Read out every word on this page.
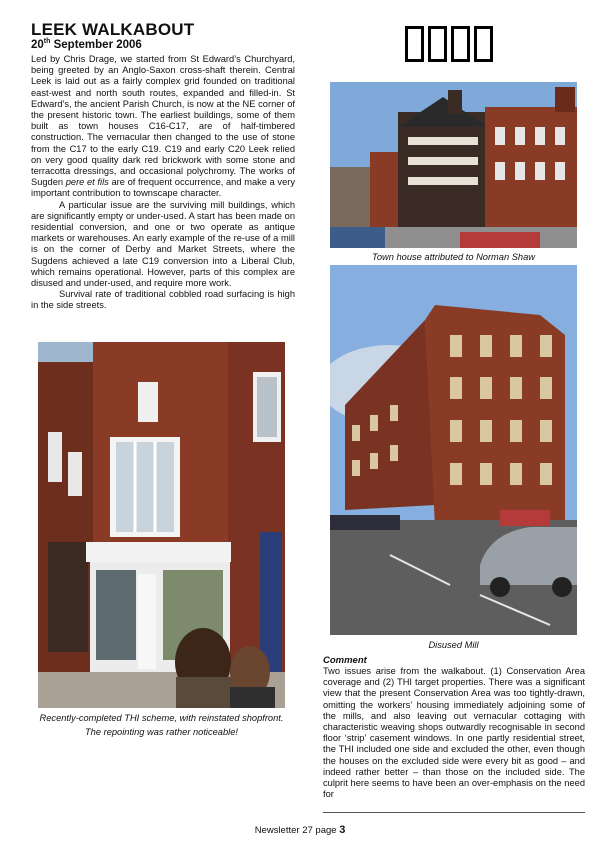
LEEK WALKABOUT
20th September 2006

Led by Chris Drage, we started from St Edward’s Churchyard, being greeted by an Anglo-Saxon cross-shaft therein. Central Leek is laid out as a fairly complex grid founded on traditional east-west and north south routes, expanded and filled-in. St Edward’s, the ancient Parish Church, is now at the NE corner of the present historic town. The earliest buildings, some of them built as town houses C16-C17, are of half-timbered construction. The vernacular then changed to the use of stone from the C17 to the early C19. C19 and early C20 Leek relied on very good quality dark red brickwork with some stone and terracotta dressings, and occasional polychromy. The works of Sugden pere et fils are of frequent occurrence, and make a very important contribution to townscape character.

A particular issue are the surviving mill buildings, which are significantly empty or under-used. A start has been made on residential conversion, and one or two operate as antique markets or warehouses. An early example of the re-use of a mill is on the corner of Derby and Market Streets, where the Sugdens achieved a late C19 conversion into a Liberal Club, which remains operational. However, parts of this complex are disused and under-used, and require more work.

Survival rate of traditional cobbled road surfacing is high in the side streets.

Recently-completed THI scheme, with reinstated shopfront. The repointing was rather noticeable!
Town house attributed to Norman Shaw
Disused Mill
Comment

Two issues arise from the walkabout. (1) Conservation Area coverage and (2) THI target properties. There was a significant view that the present Conservation Area was too tightly-drawn, omitting the workers’ housing immediately adjoining some of the mills, and also leaving out vernacular cottaging with characteristic weaving shops outwardly recognisable in second floor ‘strip’ casement windows. In one partly residential street, the THI included one side and excluded the other, even though the houses on the excluded side were every bit as good – and indeed rather better – than those on the included side. The culprit here seems to have been an over-emphasis on the need for

Newsletter 27 page 3
